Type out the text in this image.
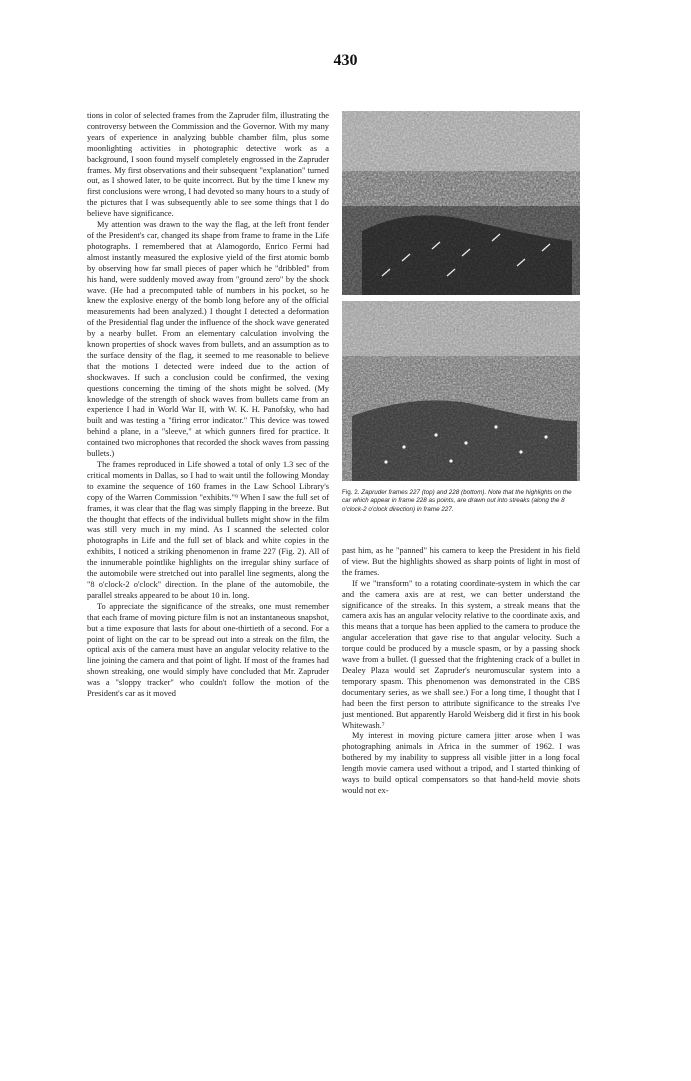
430

tions in color of selected frames from the Zapruder film, illustrating the controversy between the Commission and the Governor. With my many years of experience in analyzing bubble chamber film, plus some moonlighting activities in photographic detective work as a background, I soon found myself completely engrossed in the Zapruder frames. My first observations and their subsequent "explanation" turned out, as I showed later, to be quite incorrect. But by the time I knew my first conclusions were wrong, I had devoted so many hours to a study of the pictures that I was subsequently able to see some things that I do believe have significance.

My attention was drawn to the way the flag, at the left front fender of the President's car, changed its shape from frame to frame in the Life photographs. I remembered that at Alamogordo, Enrico Fermi had almost instantly measured the explosive yield of the first atomic bomb by observing how far small pieces of paper which he "dribbled" from his hand, were suddenly moved away from "ground zero" by the shock wave. (He had a precomputed table of numbers in his pocket, so he knew the explosive energy of the bomb long before any of the official measurements had been analyzed.) I thought I detected a deformation of the Presidential flag under the influence of the shock wave generated by a nearby bullet. From an elementary calculation involving the known properties of shock waves from bullets, and an assumption as to the surface density of the flag, it seemed to me reasonable to believe that the motions I detected were indeed due to the action of shockwaves. If such a conclusion could be confirmed, the vexing questions concerning the timing of the shots might be solved. (My knowledge of the strength of shock waves from bullets came from an experience I had in World War II, with W. K. H. Panofsky, who had built and was testing a "firing error indicator." This device was towed behind a plane, in a "sleeve," at which gunners fired for practice. It contained two microphones that recorded the shock waves from passing bullets.)

The frames reproduced in Life showed a total of only 1.3 sec of the critical moments in Dallas, so I had to wait until the following Monday to examine the sequence of 160 frames in the Law School Library's copy of the Warren Commission "exhibits."⁹ When I saw the full set of frames, it was clear that the flag was simply flapping in the breeze. But the thought that effects of the individual bullets might show in the film was still very much in my mind. As I scanned the selected color photographs in Life and the full set of black and white copies in the exhibits, I noticed a striking phenomenon in frame 227 (Fig. 2). All of the innumerable pointlike highlights on the irregular shiny surface of the automobile were stretched out into parallel line segments, along the "8 o'clock-2 o'clock" direction. In the plane of the automobile, the parallel streaks appeared to be about 10 in. long.

To appreciate the significance of the streaks, one must remember that each frame of moving picture film is not an instantaneous snapshot, but a time exposure that lasts for about one-thirtieth of a second. For a point of light on the car to be spread out into a streak on the film, the optical axis of the camera must have an angular velocity relative to the line joining the camera and that point of light. If most of the frames had shown streaking, one would simply have concluded that Mr. Zapruder was a "sloppy tracker" who couldn't follow the motion of the President's car as it moved

Fig. 2. Zapruder frames 227 (top) and 228 (bottom). Note that the highlights on the car which appear in frame 228 as points, are drawn out into streaks (along the 8 o'clock-2 o'clock direction) in frame 227.

past him, as he "panned" his camera to keep the President in his field of view. But the highlights showed as sharp points of light in most of the frames.

If we "transform" to a rotating coordinate-system in which the car and the camera axis are at rest, we can better understand the significance of the streaks. In this system, a streak means that the camera axis has an angular velocity relative to the coordinate axis, and this means that a torque has been applied to the camera to produce the angular acceleration that gave rise to that angular velocity. Such a torque could be produced by a muscle spasm, or by a passing shock wave from a bullet. (I guessed that the frightening crack of a bullet in Dealey Plaza would set Zapruder's neuromuscular system into a temporary spasm. This phenomenon was demonstrated in the CBS documentary series, as we shall see.) For a long time, I thought that I had been the first person to attribute significance to the streaks I've just mentioned. But apparently Harold Weisberg did it first in his book Whitewash.⁷

My interest in moving picture camera jitter arose when I was photographing animals in Africa in the summer of 1962. I was bothered by my inability to suppress all visible jitter in a long focal length movie camera used without a tripod, and I started thinking of ways to build optical compensators so that hand-held movie shots would not ex-
